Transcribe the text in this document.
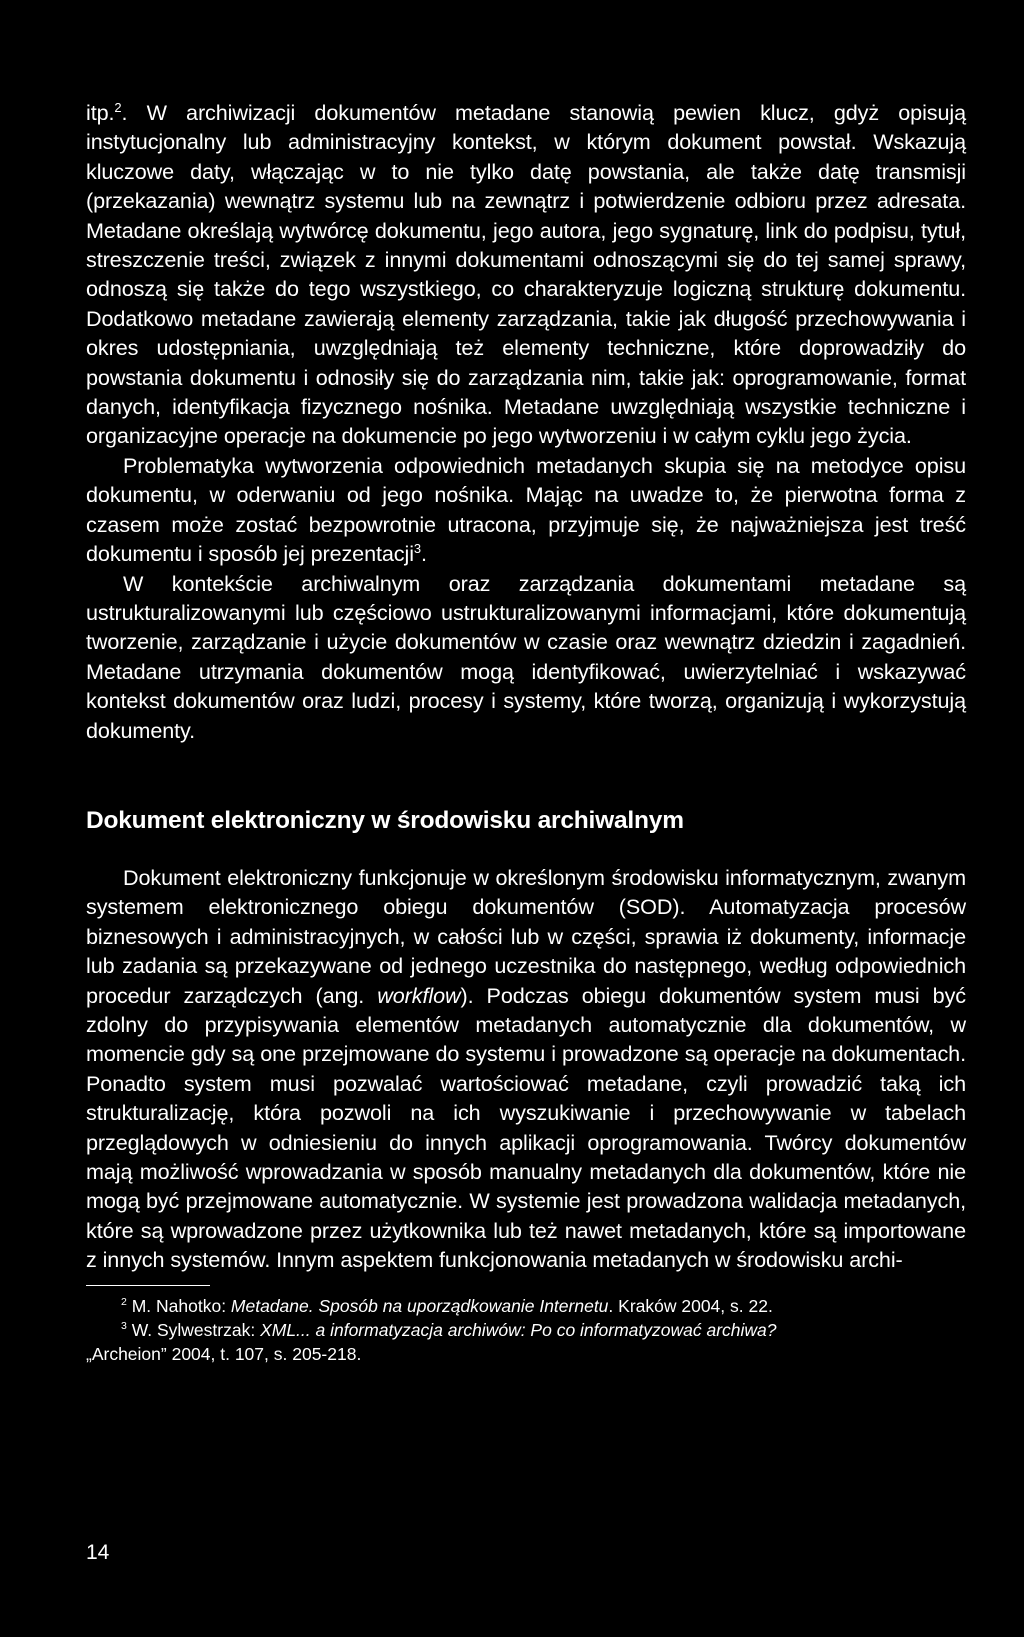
itp.$^2$. W archiwizacji dokumentów metadane stanowią pewien klucz, gdyż opisują instytucjonalny lub administracyjny kontekst, w którym dokument powstał. Wskazują kluczowe daty, włączając w to nie tylko datę powstania, ale także datę transmisji (przekazania) wewnątrz systemu lub na zewnątrz i potwierdzenie odbioru przez adresata. Metadane określają wytwórcę dokumentu, jego autora, jego sygnaturę, link do podpisu, tytuł, streszczenie treści, związek z innymi dokumentami odnoszącymi się do tej samej sprawy, odnoszą się także do tego wszystkiego, co charakteryzuje logiczną strukturę dokumentu. Dodatkowo metadane zawierają elementy zarządzania, takie jak długość przechowywania i okres udostępniania, uwzględniają też elementy techniczne, które doprowadziły do powstania dokumentu i odnosiły się do zarządzania nim, takie jak: oprogramowanie, format danych, identyfikacja fizycznego nośnika. Metadane uwzględniają wszystkie techniczne i organizacyjne operacje na dokumencie po jego wytworzeniu i w całym cyklu jego życia.

Problematyka wytworzenia odpowiednich metadanych skupia się na metodyce opisu dokumentu, w oderwaniu od jego nośnika. Mając na uwadze to, że pierwotna forma z czasem może zostać bezpowrotnie utracona, przyjmuje się, że najważniejsza jest treść dokumentu i sposób jej prezentacji$^3$.

W kontekście archiwalnym oraz zarządzania dokumentami metadane są ustrukturalizowanymi lub częściowo ustrukturalizowanymi informacjami, które dokumentują tworzenie, zarządzanie i użycie dokumentów w czasie oraz wewnątrz dziedzin i zagadnień. Metadane utrzymania dokumentów mogą identyfikować, uwierzytelniać i wskazywać kontekst dokumentów oraz ludzi, procesy i systemy, które tworzą, organizują i wykorzystują dokumenty.

Dokument elektroniczny w środowisku archiwalnym

Dokument elektroniczny funkcjonuje w określonym środowisku informatycznym, zwanym systemem elektronicznego obiegu dokumentów (SOD). Automatyzacja procesów biznesowych i administracyjnych, w całości lub w części, sprawia iż dokumenty, informacje lub zadania są przekazywane od jednego uczestnika do następnego, według odpowiednich procedur zarządczych (ang. workflow). Podczas obiegu dokumentów system musi być zdolny do przypisywania elementów metadanych automatycznie dla dokumentów, w momencie gdy są one przejmowane do systemu i prowadzone są operacje na dokumentach. Ponadto system musi pozwalać wartościować metadane, czyli prowadzić taką ich strukturalizację, która pozwoli na ich wyszukiwanie i przechowywanie w tabelach przeglądowych w odniesieniu do innych aplikacji oprogramowania. Twórcy dokumentów mają możliwość wprowadzania w sposób manualny metadanych dla dokumentów, które nie mogą być przejmowane automatycznie. W systemie jest prowadzona walidacja metadanych, które są wprowadzone przez użytkownika lub też nawet metadanych, które są importowane z innych systemów. Innym aspektem funkcjonowania metadanych w środowisku archi-

$^2$ M. Nahotko: Metadane. Sposób na uporządkowanie Internetu. Kraków 2004, s. 22.

$^3$ W. Sylwestrzak: XML... a informatyzacja archiwów: Po co informatyzować archiwa?

„Archeion” 2004, t. 107, s. 205-218.

14
